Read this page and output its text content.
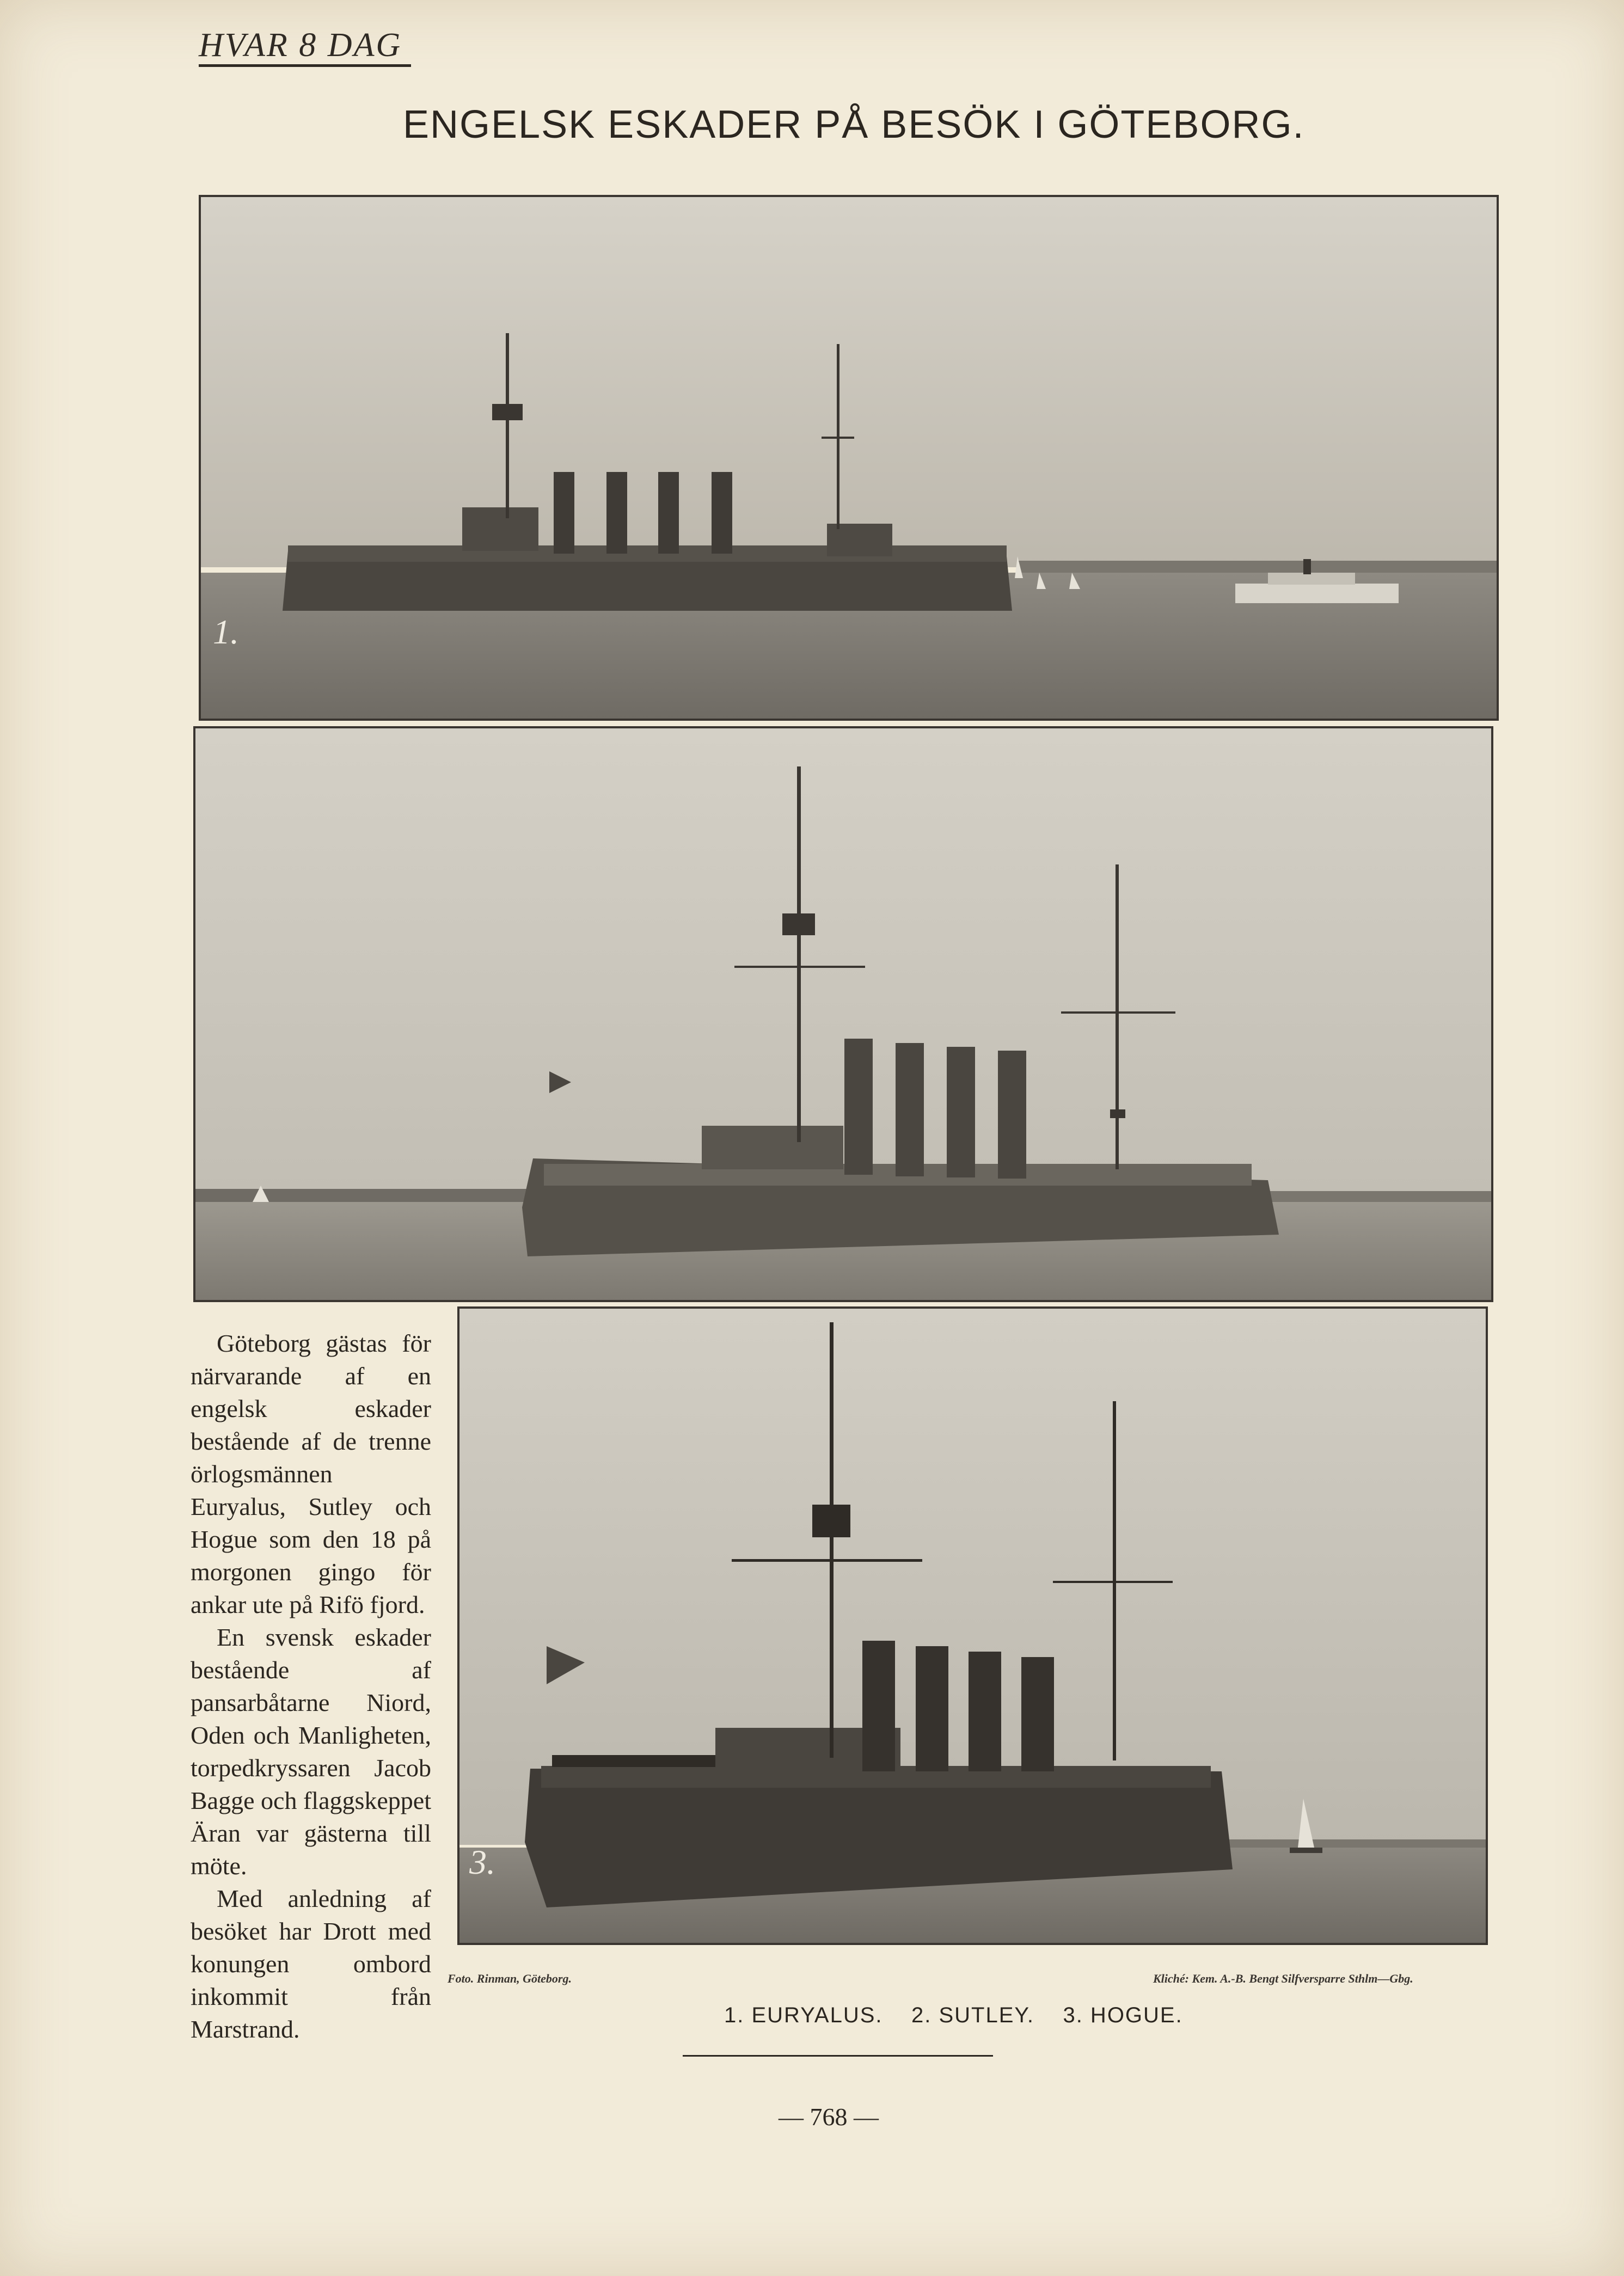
HVAR 8 DAG
ENGELSK ESKADER PÅ BESÖK I GÖTEBORG.
1.
3.

Göteborg gästas för närvarande af en engelsk eskader bestående af de trenne örlogsmännen Euryalus, Sutley och Hogue som den 18 på morgonen gingo för ankar ute på Rifö fjord.

En svensk eskader bestående af pansarbåtarne Niord, Oden och Manligheten, torpedkryssaren Jacob Bagge och flaggskeppet Äran var gästerna till möte.

Med anledning af besöket har Drott med konungen ombord inkommit från Marstrand.

Foto. Rinman, Göteborg.	Kliché: Kem. A.-B. Bengt Silfversparre Sthlm—Gbg.
1. EURYALUS.    2. SUTLEY.    3. HOGUE.
— 768 —
